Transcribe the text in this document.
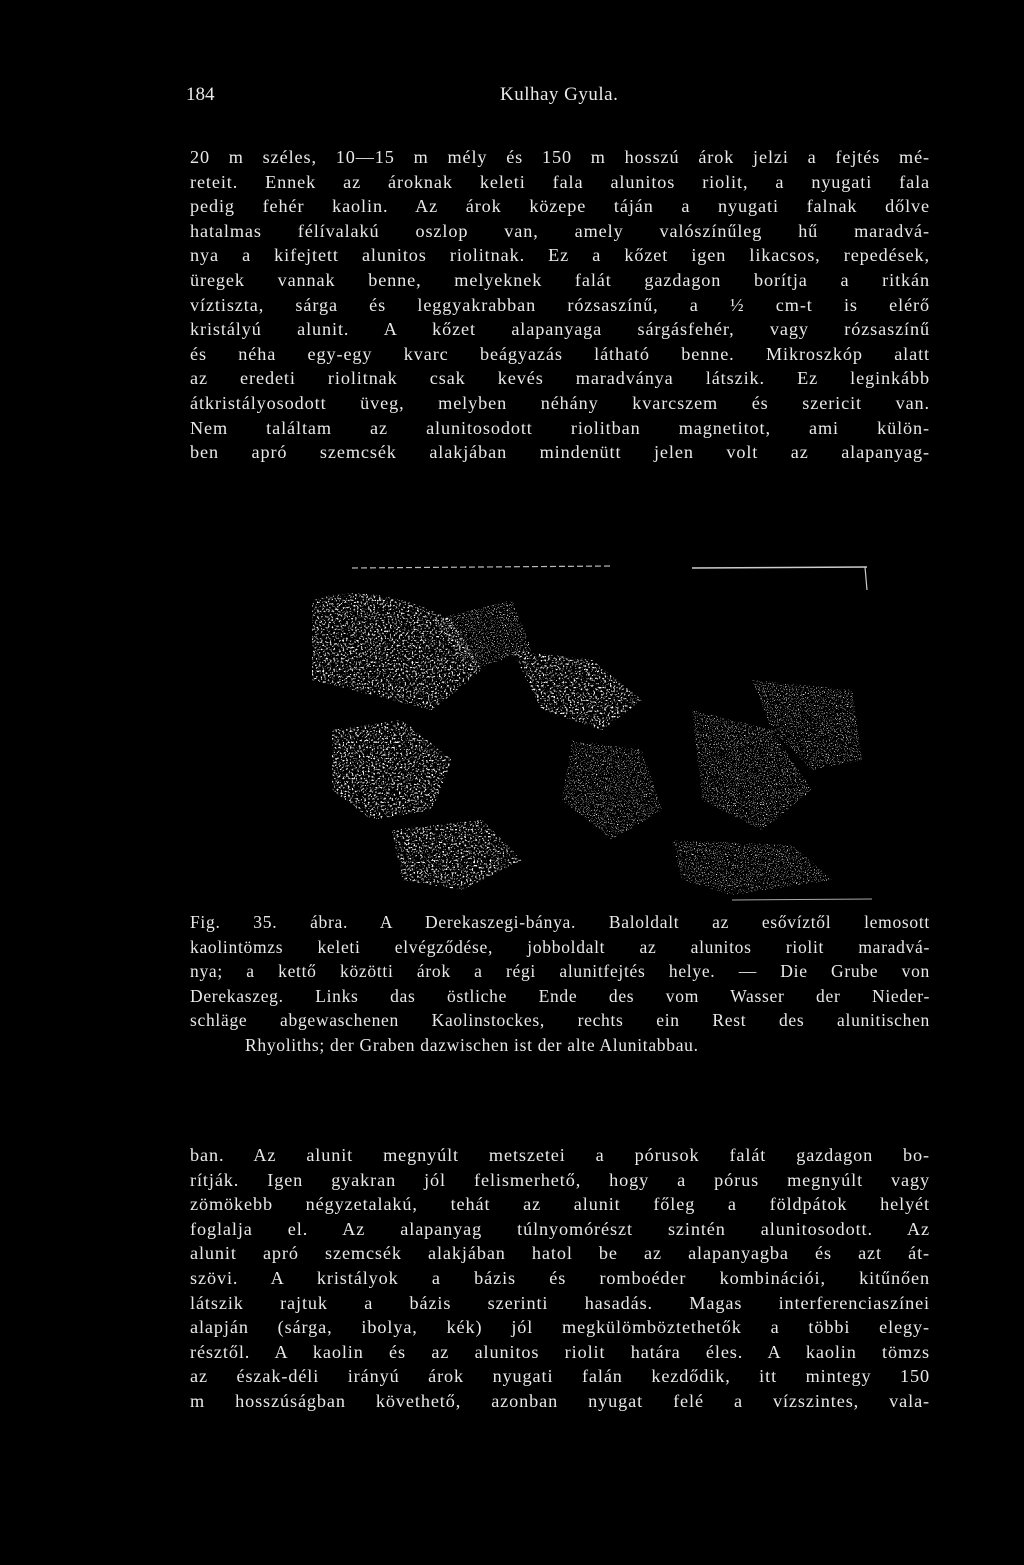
184	Kulhay Gyula.
20 m széles, 10—15 m mély és 150 m hosszú árok jelzi a fejtés mé-
reteit. Ennek az ároknak keleti fala alunitos riolit, a nyugati fala
pedig fehér kaolin. Az árok közepe táján a nyugati falnak dőlve
hatalmas félívalakú oszlop van, amely valószínűleg hű maradvá-
nya a kifejtett alunitos riolitnak. Ez a kőzet igen likacsos, repedések,
üregek vannak benne, melyeknek falát gazdagon borítja a ritkán
víztiszta, sárga és leggyakrabban rózsaszínű, a ½ cm-t is elérő
kristályú alunit. A kőzet alapanyaga sárgásfehér, vagy rózsaszínű
és néha egy-egy kvarc beágyazás látható benne. Mikroszkóp alatt
az eredeti riolitnak csak kevés maradványa látszik. Ez leginkább
átkristályosodott üveg, melyben néhány kvarcszem és szericit van.
Nem találtam az alunitosodott riolitban magnetitot, ami külön-
ben apró szemcsék alakjában mindenütt jelen volt az alapanyag-
Fig. 35. ábra. A Derekaszegi-bánya. Baloldalt az esővíztől lemosott
kaolintömzs keleti elvégződése, jobboldalt az alunitos riolit maradvá-
nya; a kettő közötti árok a régi alunitfejtés helye. — Die Grube von
Derekaszeg. Links das östliche Ende des vom Wasser der Nieder-
schläge abgewaschenen Kaolinstockes, rechts ein Rest des alunitischen
Rhyoliths; der Graben dazwischen ist der alte Alunitabbau.
ban. Az alunit megnyúlt metszetei a pórusok falát gazdagon bo-
rítják. Igen gyakran jól felismerhető, hogy a pórus megnyúlt vagy
zömökebb négyzetalakú, tehát az alunit főleg a földpátok helyét
foglalja el. Az alapanyag túlnyomórészt szintén alunitosodott. Az
alunit apró szemcsék alakjában hatol be az alapanyagba és azt át-
szövi. A kristályok a bázis és romboéder kombinációi, kitűnően
látszik rajtuk a bázis szerinti hasadás. Magas interferenciaszínei
alapján (sárga, ibolya, kék) jól megkülömböztethetők a többi elegy-
résztől. A kaolin és az alunitos riolit határa éles. A kaolin tömzs
az észak-déli irányú árok nyugati falán kezdődik, itt mintegy 150
m hosszúságban követhető, azonban nyugat felé a vízszintes, vala-
